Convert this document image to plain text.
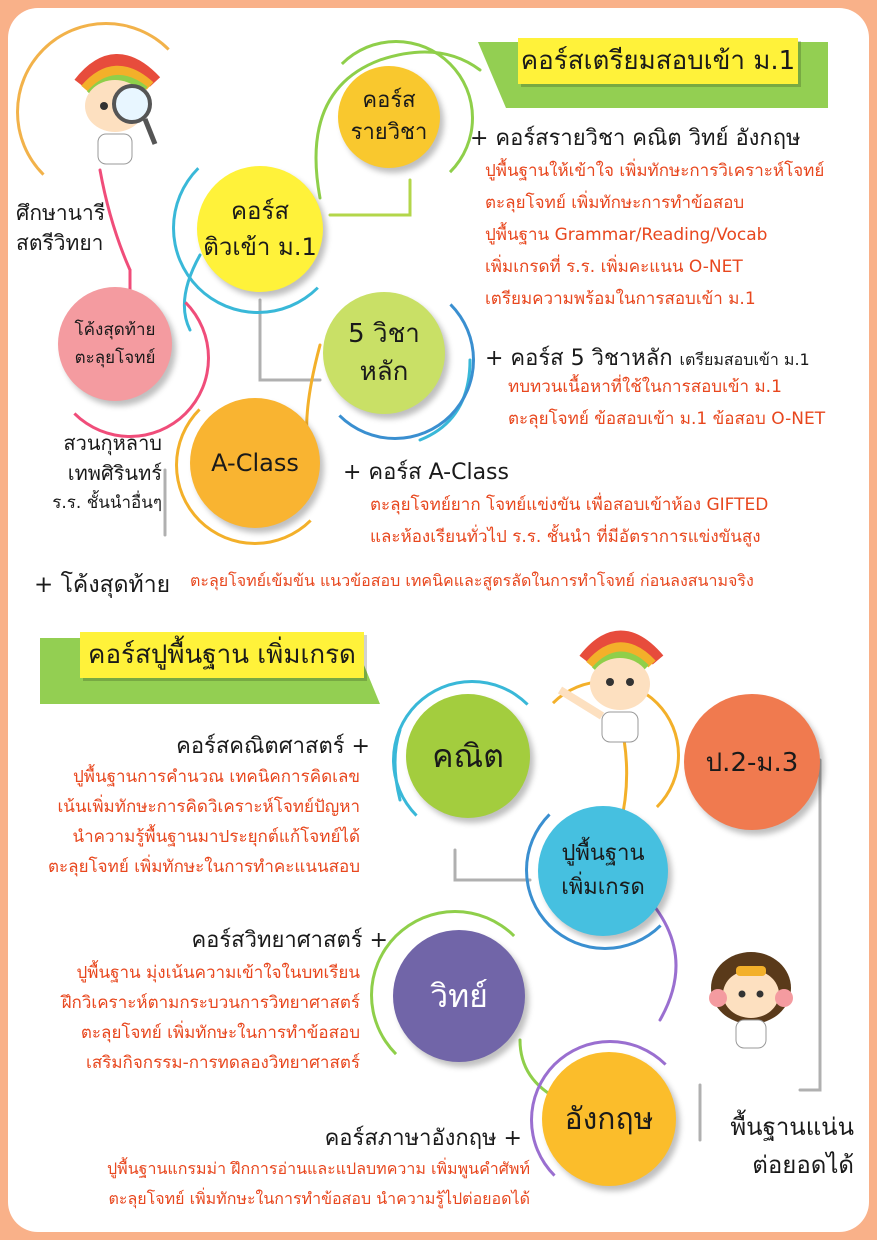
คอร์สเตรียมสอบเข้า ม.1
คอร์ส
รายวิชา
คอร์ส
ติวเข้า ม.1
5 วิชา
หลัก
A-Class
โค้งสุดท้าย
ตะลุยโจทย์
ศึกษานารี
สตรีวิทยา
สวนกุหลาบ
เทพศิรินทร์
ร.ร. ชั้นนำอื่นๆ
+ คอร์สรายวิชา คณิต วิทย์ อังกฤษ
ปูพื้นฐานให้เข้าใจ เพิ่มทักษะการวิเคราะห์โจทย์
ตะลุยโจทย์ เพิ่มทักษะการทำข้อสอบ
ปูพื้นฐาน Grammar/Reading/Vocab
เพิ่มเกรดที่ ร.ร. เพิ่มคะแนน O-NET
เตรียมความพร้อมในการสอบเข้า ม.1
+ คอร์ส 5 วิชาหลัก เตรียมสอบเข้า ม.1
ทบทวนเนื้อหาที่ใช้ในการสอบเข้า ม.1
ตะลุยโจทย์ ข้อสอบเข้า ม.1 ข้อสอบ O-NET
+ คอร์ส A-Class
ตะลุยโจทย์ยาก โจทย์แข่งขัน เพื่อสอบเข้าห้อง GIFTED
และห้องเรียนทั่วไป ร.ร. ชั้นนำ ที่มีอัตราการแข่งขันสูง
+ โค้งสุดท้าย ตะลุยโจทย์เข้มข้น แนวข้อสอบ เทคนิคและสูตรลัดในการทำโจทย์ ก่อนลงสนามจริง
คอร์สปูพื้นฐาน เพิ่มเกรด
คณิต	ป.2-ม.3
ปูพื้นฐาน
เพิ่มเกรด
วิทย์
อังกฤษ	พื้นฐานแน่น
ต่อยอดได้
คอร์สคณิตศาสตร์ +
ปูพื้นฐานการคำนวณ เทคนิคการคิดเลข
เน้นเพิ่มทักษะการคิดวิเคราะห์โจทย์ปัญหา
นำความรู้พื้นฐานมาประยุกต์แก้โจทย์ได้
ตะลุยโจทย์ เพิ่มทักษะในการทำคะแนนสอบ
คอร์สวิทยาศาสตร์ +
ปูพื้นฐาน มุ่งเน้นความเข้าใจในบทเรียน
ฝึกวิเคราะห์ตามกระบวนการวิทยาศาสตร์
ตะลุยโจทย์ เพิ่มทักษะในการทำข้อสอบ
เสริมกิจกรรม-การทดลองวิทยาศาสตร์
คอร์สภาษาอังกฤษ +
ปูพื้นฐานแกรมม่า ฝึกการอ่านและแปลบทความ เพิ่มพูนคำศัพท์
ตะลุยโจทย์ เพิ่มทักษะในการทำข้อสอบ นำความรู้ไปต่อยอดได้
